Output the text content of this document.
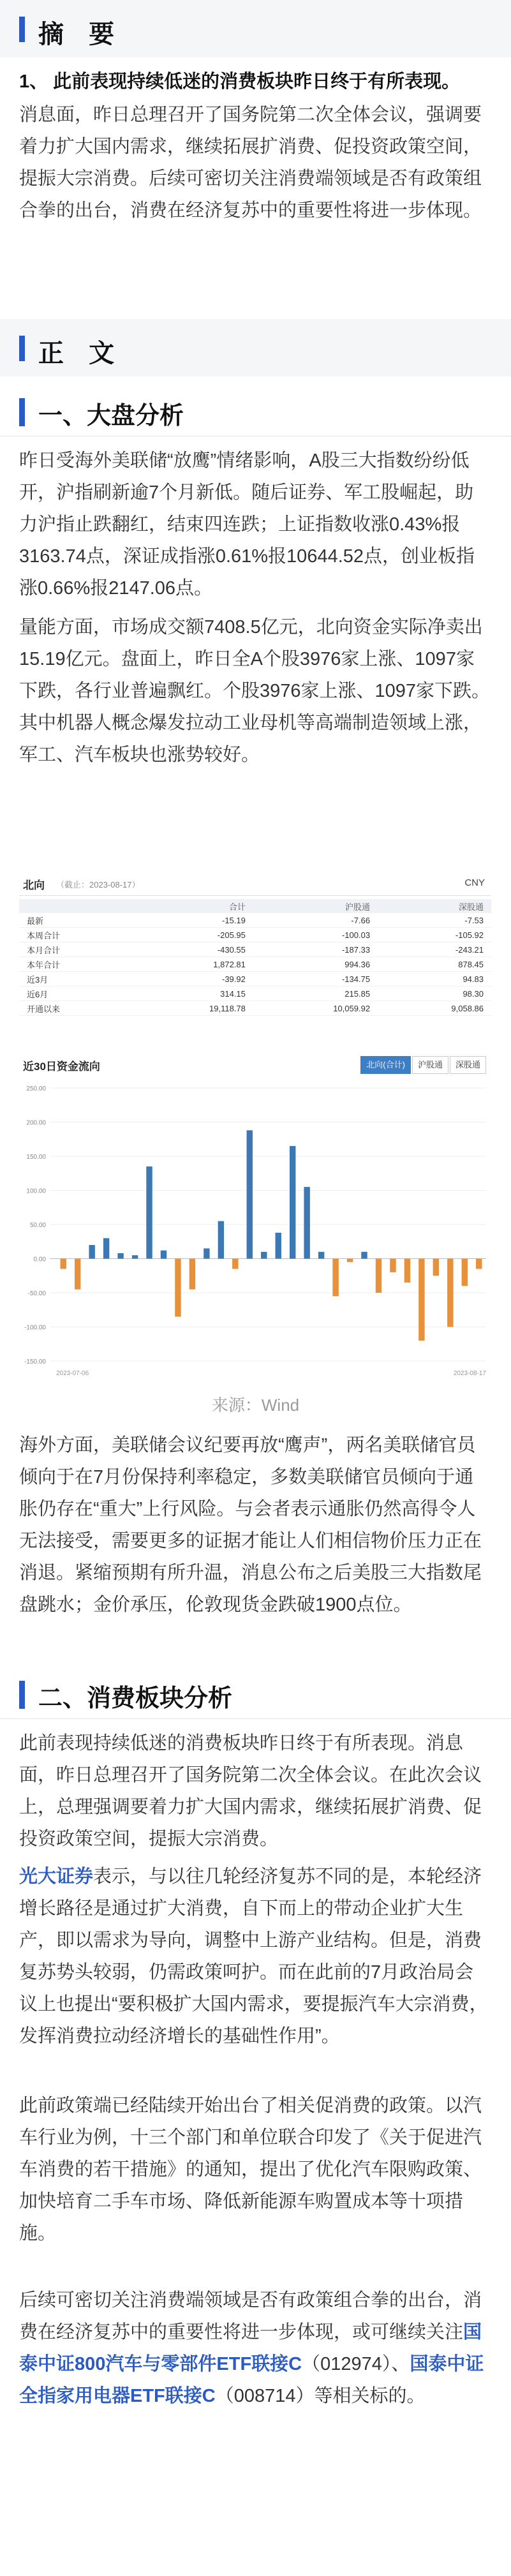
摘 要

1、 此前表现持续低迷的消费板块昨日终于有所表现。

消息面，昨日总理召开了国务院第二次全体会议，强调要着力扩大国内需求，继续拓展扩消费、促投资政策空间，提振大宗消费。后续可密切关注消费端领域是否有政策组合拳的出台，消费在经济复苏中的重要性将进一步体现。

正 文
一、大盘分析

昨日受海外美联储“放鹰”情绪影响，A股三大指数纷纷低开，沪指刷新逾7个月新低。随后证券、军工股崛起，助力沪指止跌翻红，结束四连跌；上证指数收涨0.43%报3163.74点，深证成指涨0.61%报10644.52点，创业板指涨0.66%报2147.06点。

量能方面，市场成交额7408.5亿元，北向资金实际净卖出15.19亿元。盘面上，昨日全A个股3976家上涨、1097家下跌，各行业普遍飘红。个股3976家上涨、1097家下跌。其中机器人概念爆发拉动工业母机等高端制造领域上涨，军工、汽车板块也涨势较好。

北向 （截止：2023-08-17）	CNY
	合计	沪股通	深股通
最新	-15.19	-7.66	-7.53
本周合计	-205.95	-100.03	-105.92
本月合计	-430.55	-187.33	-243.21
本年合计	1,872.81	994.36	878.45
近3月	-39.92	-134.75	94.83
近6月	314.15	215.85	98.30
开通以来	19,118.78	10,059.92	9,058.86
近30日资金流向	北向(合计)	沪股通	深股通
250.00
200.00
150.00
100.00
50.00
0.00
-50.00
-100.00
-150.00
2023-07-06	2023-08-17
来源：Wind

海外方面，美联储会议纪要再放“鹰声”，两名美联储官员倾向于在7月份保持利率稳定，多数美联储官员倾向于通胀仍存在“重大”上行风险。与会者表示通胀仍然高得令人无法接受，需要更多的证据才能让人们相信物价压力正在消退。紧缩预期有所升温，消息公布之后美股三大指数尾盘跳水；金价承压，伦敦现货金跌破1900点位。

二、消费板块分析

此前表现持续低迷的消费板块昨日终于有所表现。消息面，昨日总理召开了国务院第二次全体会议。在此次会议上，总理强调要着力扩大国内需求，继续拓展扩消费、促投资政策空间，提振大宗消费。

光大证券表示，与以往几轮经济复苏不同的是，本轮经济增长路径是通过扩大消费，自下而上的带动企业扩大生产，即以需求为导向，调整中上游产业结构。但是，消费复苏势头较弱，仍需政策呵护。而在此前的7月政治局会议上也提出“要积极扩大国内需求，要提振汽车大宗消费，发挥消费拉动经济增长的基础性作用”。

此前政策端已经陆续开始出台了相关促消费的政策。以汽车行业为例，十三个部门和单位联合印发了《关于促进汽车消费的若干措施》的通知，提出了优化汽车限购政策、加快培育二手车市场、降低新能源车购置成本等十项措施。

后续可密切关注消费端领域是否有政策组合拳的出台，消费在经济复苏中的重要性将进一步体现，或可继续关注国泰中证800汽车与零部件ETF联接C（012974）、国泰中证全指家用电器ETF联接C（008714）等相关标的。
